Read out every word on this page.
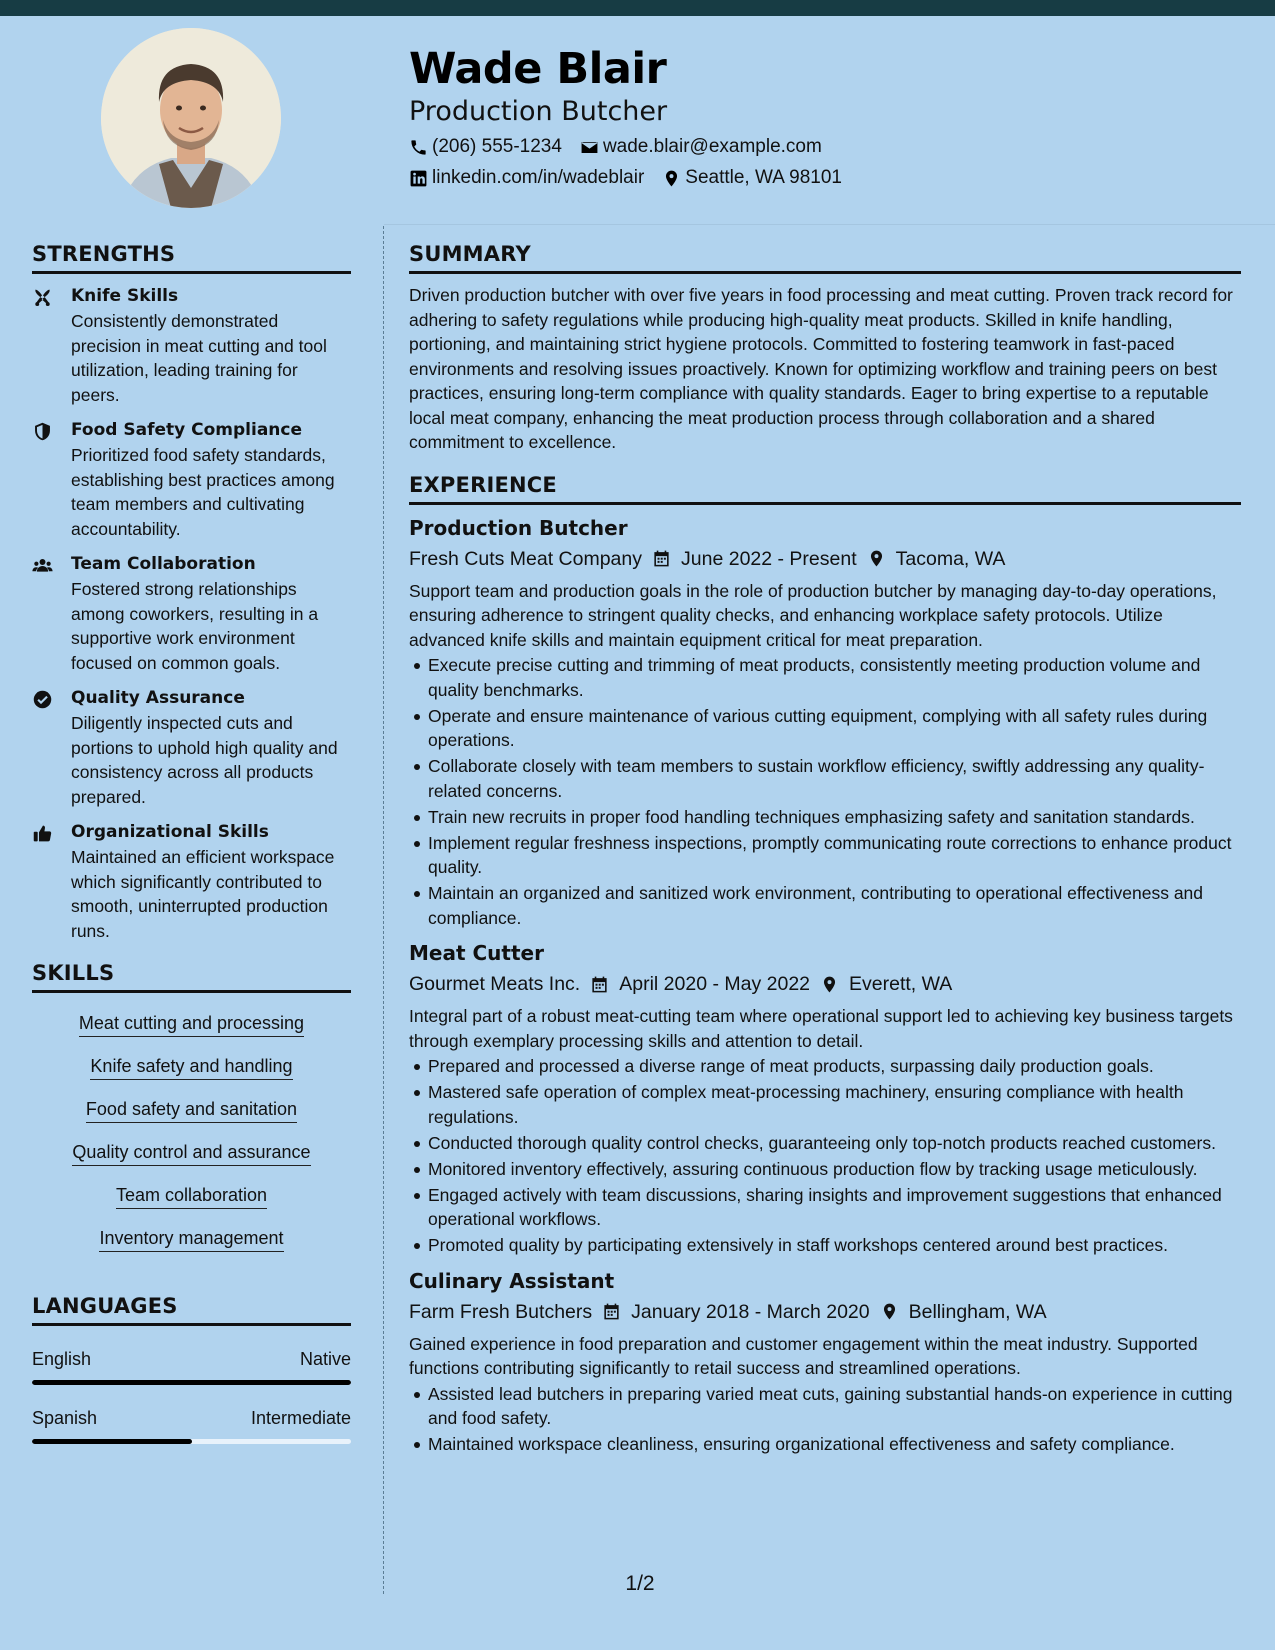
Wade Blair
Production Butcher
(206) 555-1234 wade.blair@example.com
linkedin.com/in/wadeblair Seattle, WA 98101
STRENGTHS
Knife Skills
Consistently demonstrated precision in meat cutting and tool utilization, leading training for peers.
Food Safety Compliance
Prioritized food safety standards, establishing best practices among team members and cultivating accountability.
Team Collaboration
Fostered strong relationships among coworkers, resulting in a supportive work environment focused on common goals.
Quality Assurance
Diligently inspected cuts and portions to uphold high quality and consistency across all products prepared.
Organizational Skills
Maintained an efficient workspace which significantly contributed to smooth, uninterrupted production runs.
SKILLS
Meat cutting and processing
Knife safety and handling
Food safety and sanitation
Quality control and assurance
Team collaboration
Inventory management
LANGUAGES
English	Native
Spanish	Intermediate
SUMMARY

Driven production butcher with over five years in food processing and meat cutting. Proven track record for adhering to safety regulations while producing high-quality meat products. Skilled in knife handling, portioning, and maintaining strict hygiene protocols. Committed to fostering teamwork in fast-paced environments and resolving issues proactively. Known for optimizing workflow and training peers on best practices, ensuring long-term compliance with quality standards. Eager to bring expertise to a reputable local meat company, enhancing the meat production process through collaboration and a shared commitment to excellence.

EXPERIENCE
Production Butcher
Fresh Cuts Meat Company June 2022 - Present Tacoma, WA

Support team and production goals in the role of production butcher by managing day-to-day operations, ensuring adherence to stringent quality checks, and enhancing workplace safety protocols. Utilize advanced knife skills and maintain equipment critical for meat preparation.

Execute precise cutting and trimming of meat products, consistently meeting production volume and quality benchmarks.
Operate and ensure maintenance of various cutting equipment, complying with all safety rules during operations.
Collaborate closely with team members to sustain workflow efficiency, swiftly addressing any quality-related concerns.
Train new recruits in proper food handling techniques emphasizing safety and sanitation standards.
Implement regular freshness inspections, promptly communicating route corrections to enhance product quality.
Maintain an organized and sanitized work environment, contributing to operational effectiveness and compliance.
Meat Cutter
Gourmet Meats Inc. April 2020 - May 2022 Everett, WA

Integral part of a robust meat-cutting team where operational support led to achieving key business targets through exemplary processing skills and attention to detail.

Prepared and processed a diverse range of meat products, surpassing daily production goals.
Mastered safe operation of complex meat-processing machinery, ensuring compliance with health regulations.
Conducted thorough quality control checks, guaranteeing only top-notch products reached customers.
Monitored inventory effectively, assuring continuous production flow by tracking usage meticulously.
Engaged actively with team discussions, sharing insights and improvement suggestions that enhanced operational workflows.
Promoted quality by participating extensively in staff workshops centered around best practices.
Culinary Assistant
Farm Fresh Butchers January 2018 - March 2020 Bellingham, WA

Gained experience in food preparation and customer engagement within the meat industry. Supported functions contributing significantly to retail success and streamlined operations.

Assisted lead butchers in preparing varied meat cuts, gaining substantial hands-on experience in cutting and food safety.
Maintained workspace cleanliness, ensuring organizational effectiveness and safety compliance.
1/2
